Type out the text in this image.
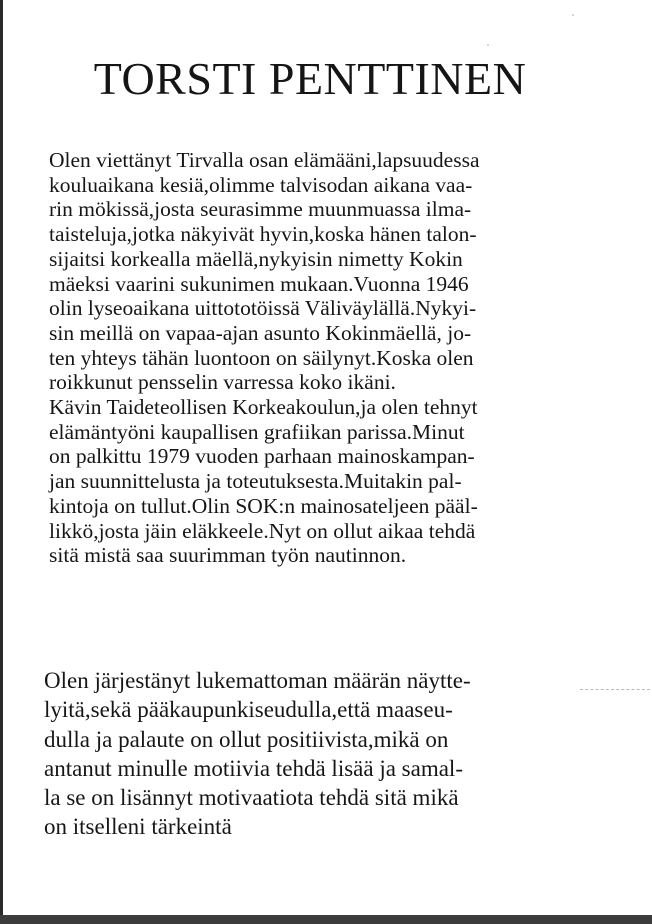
TORSTI PENTTINEN
Olen viettänyt Tirvalla osan elämääni,lapsuudessa
kouluaikana kesiä,olimme talvisodan aikana vaa-
rin mökissä,josta seurasimme muunmuassa ilma-
taisteluja,jotka näkyivät hyvin,koska hänen talon-
sijaitsi korkealla mäellä,nykyisin nimetty Kokin
mäeksi vaarini sukunimen mukaan.Vuonna 1946
olin lyseoaikana uittototöissä Väliväylällä.Nykyi-
sin meillä on vapaa-ajan asunto Kokinmäellä, jo-
ten yhteys tähän luontoon on säilynyt.Koska olen
roikkunut pensselin varressa koko ikäni.
Kävin Taideteollisen Korkeakoulun,ja olen tehnyt
elämäntyöni kaupallisen grafiikan parissa.Minut
on palkittu 1979 vuoden parhaan mainoskampan-
jan suunnittelusta ja toteutuksesta.Muitakin pal-
kintoja on tullut.Olin SOK:n mainosateljeen pääl-
likkö,josta jäin eläkkeele.Nyt on ollut aikaa tehdä
sitä mistä saa suurimman työn nautinnon.
Olen järjestänyt lukemattoman määrän näytte-
lyitä,sekä pääkaupunkiseudulla,että maaseu-
dulla ja palaute on ollut positiivista,mikä on
antanut minulle motiivia tehdä lisää ja samal-
la se on lisännyt motivaatiota tehdä sitä mikä
on itselleni tärkeintä
